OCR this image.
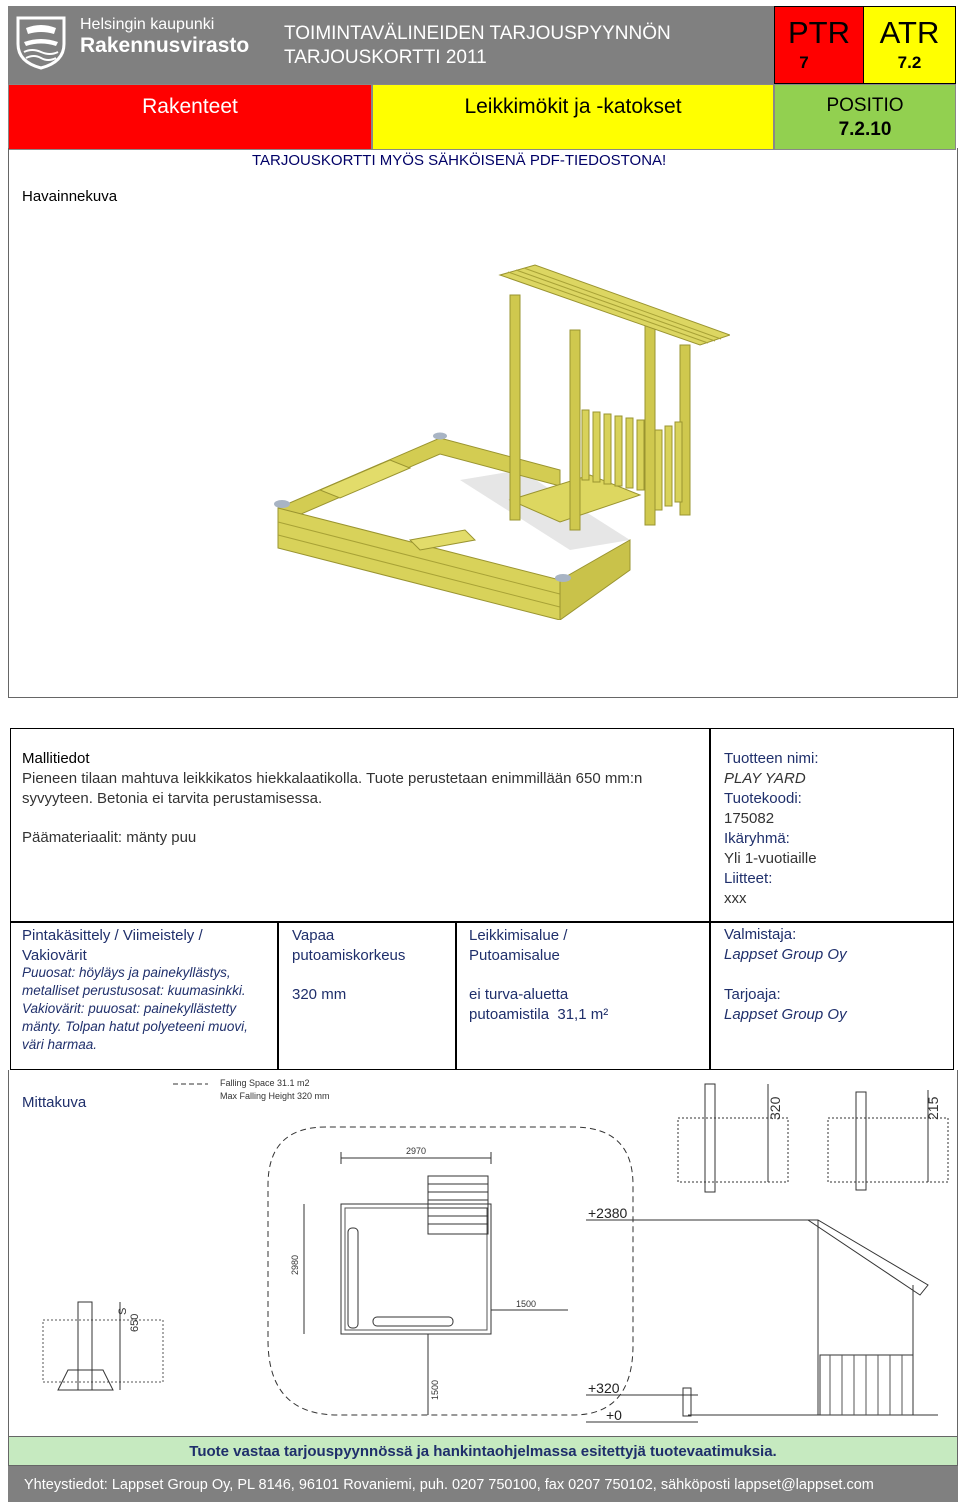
Helsingin kaupunki
Rakennusvirasto
TOIMINTAVÄLINEIDEN TARJOUSPYYNNÖN
TARJOUSKORTTI 2011
PTR
7
ATR
7.2
Rakenteet	Leikkimökit ja -katokset	POSITIO
7.2.10
TARJOUSKORTTI MYÖS SÄHKÖISENÄ PDF-TIEDOSTONA!
Havainnekuva
Mallitiedot
Pieneen tilaan mahtuva leikkikatos hiekkalaatikolla. Tuote perustetaan enimmillään 650 mm:n syvyyteen. Betonia ei tarvita perustamisessa.
Päämateriaalit: mänty puu
Tuotteen nimi:
PLAY YARD
Tuotekoodi:
175082
Ikäryhmä:
Yli 1-vuotiaille
Liitteet:
xxx
Pintakäsittely / Viimeistely / Vakiovärit
Puuosat: höyläys ja painekyllästys, metalliset perustusosat: kuumasinkki. Vakiovärit: puuosat: painekyllästetty mänty. Tolpan hatut polyeteeni muovi, väri harmaa.
Vapaa putoamiskorkeus
320 mm
Leikkimisalue / Putoamisalue
ei turva-aluetta
putoamistila  31,1 m²
Valmistaja:
Lappset Group Oy
Tarjoaja:
Lappset Group Oy
Mittakuva
Falling Space 31.1 m2
Max Falling Height 320 mm
2970
2980
1500
1500
S
650
320	215
+2380
+320
+0
Tuote vastaa tarjouspyynnössä ja hankintaohjelmassa esitettyjä tuotevaatimuksia.
Yhteystiedot: Lappset Group Oy, PL 8146, 96101 Rovaniemi, puh. 0207 750100, fax 0207 750102, sähköposti lappset@lappset.com
